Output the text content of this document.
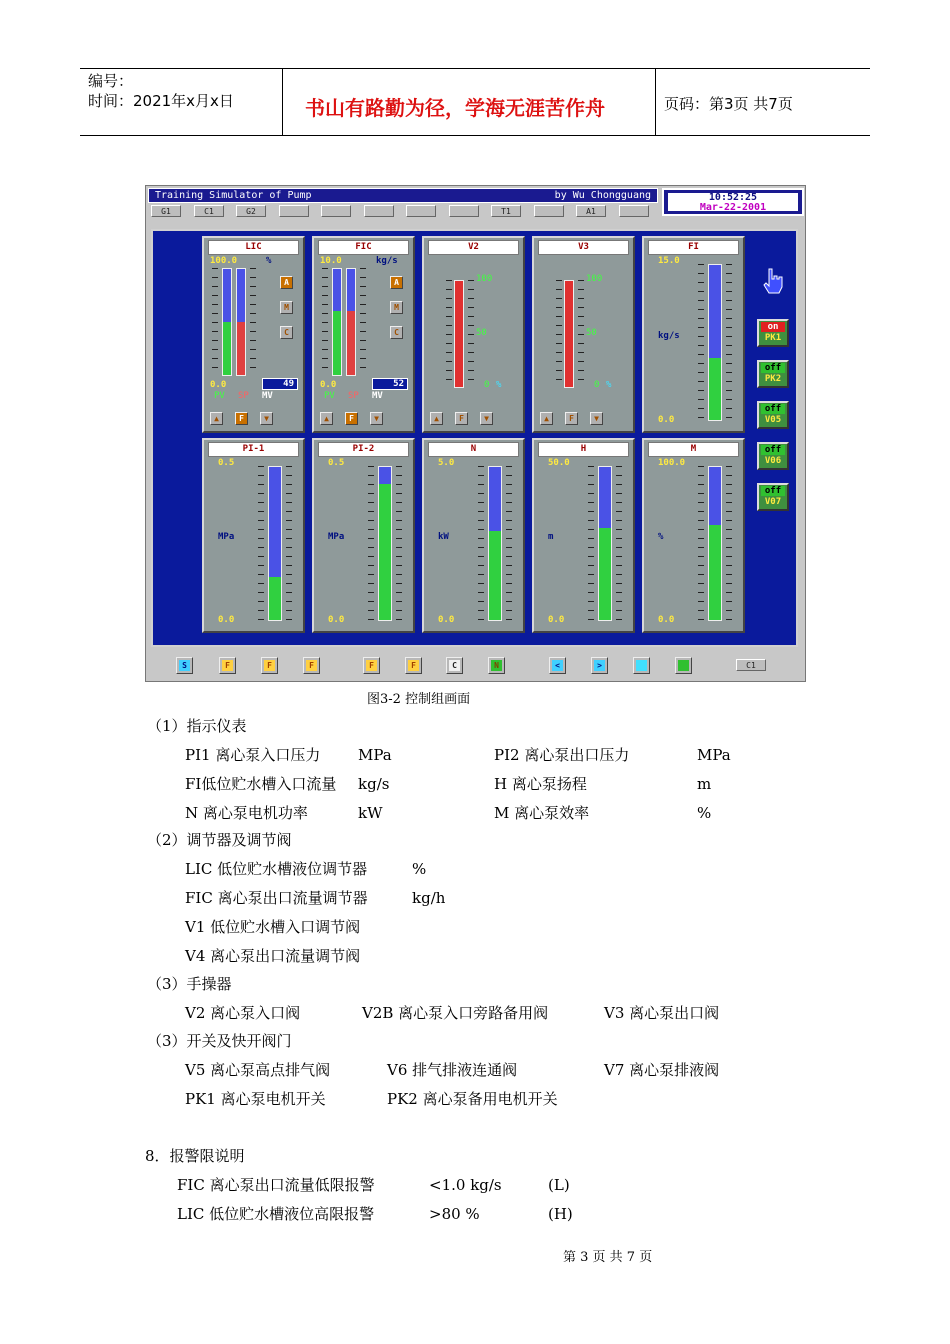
编号：
时间：2021年x月x日	书山有路勤为径，学海无涯苦作舟	页码：第3页 共7页
Training Simulator of Pump	by Wu Chongguang	10:52:25
Mar-22-2001
G1	C1	G2	T1	A1
LIC
100.0	%
0.0
A
M
C
49
PV SP MV
▲	F	▼
FIC
10.0	kg/s
0.0
A
M
C
52
PV SP MV
▲	F	▼
V2
100
50
0 %
▲	F	▼
V3
100
50
0 %
▲	F	▼
FI
15.0
0.0
kg/s
PI-1
0.5
0.0
MPa
PI-2
0.5
0.0
MPa
N
5.0
0.0
kW
H
50.0
0.0
m
M
100.0
0.0
%
on
PK1
off
PK2
off
V05
off
V06
off
V07
S	F	F	F	F	F	C	N	<	>	C1
图3-2 控制组画面
（1）指示仪表
PI1 离心泵入口压力	MPa	PI2 离心泵出口压力	MPa
FI低位贮水槽入口流量 kg/s	H 离心泵扬程	m
N 离心泵电机功率	kW	M 离心泵效率	%
（2）调节器及调节阀
LIC 低位贮水槽液位调节器	%
FIC 离心泵出口流量调节器	kg/h
V1 低位贮水槽入口调节阀
V4 离心泵出口流量调节阀
（3）手操器
V2 离心泵入口阀	V2B 离心泵入口旁路备用阀	V3 离心泵出口阀
（3）开关及快开阀门
V5 离心泵高点排气阀	V6 排气排液连通阀	V7 离心泵排液阀
PK1 离心泵电机开关	PK2 离心泵备用电机开关
8．报警限说明
FIC 离心泵出口流量低限报警	<1.0 kg/s	(L)
LIC 低位贮水槽液位高限报警	>80 %	(H)
第 3 页 共 7 页
